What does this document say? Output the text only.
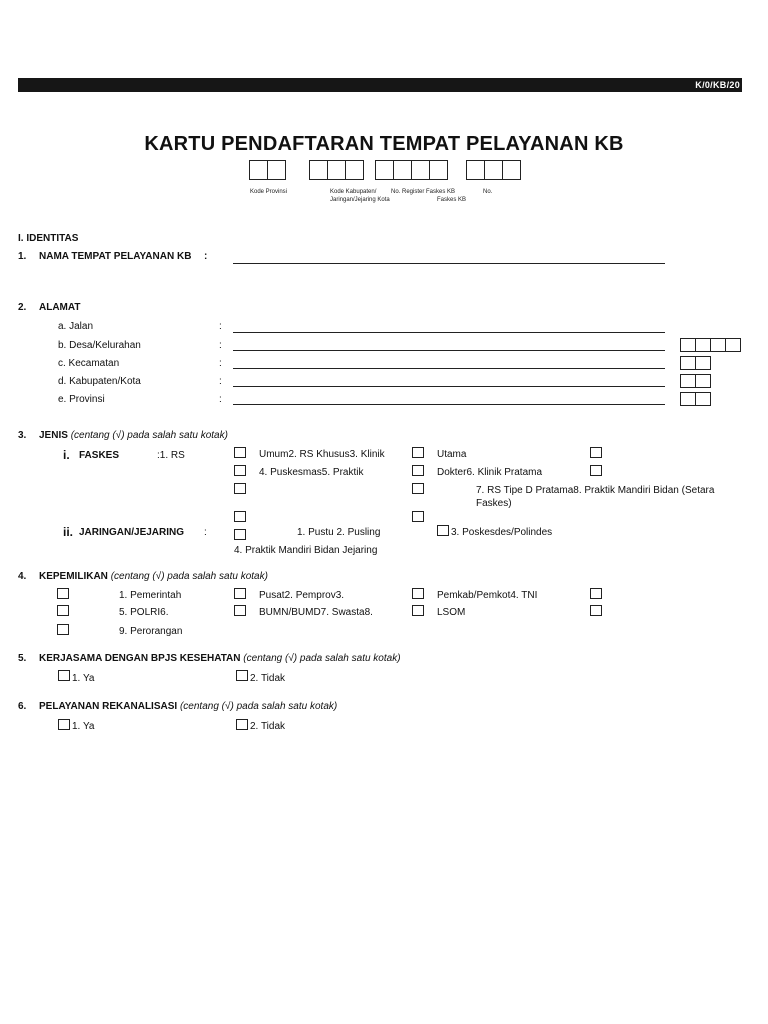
K/0/KB/20
KARTU PENDAFTARAN TEMPAT PELAYANAN KB
Kode Provinsi	Kode Kabupaten/
Jaringan/Jejaring Kota
No. Register Faskes KB
Faskes KB
No.
I. IDENTITAS
1. NAMA TEMPAT PELAYANAN KB :
2. ALAMAT
a. Jalan	:
b. Desa/Kelurahan	:
c. Kecamatan	:
d. Kabupaten/Kota	:
e. Provinsi	:
3. JENIS (centang (√) pada salah satu kotak)
i. FASKES	:1. RS	Umum2. RS Khusus3. Klinik	Utama
4. Puskesmas5. Praktik	Dokter6. Klinik Pratama
7. RS Tipe D Pratama8. Praktik Mandiri Bidan (Setara
Faskes)
ii. JARINGAN/JEJARING :	1. Pustu 2. Pusling	3. Poskesdes/Polindes
4. Praktik Mandiri Bidan Jejaring
4. KEPEMILIKAN (centang (√) pada salah satu kotak)
1. Pemerintah	Pusat2. Pemprov3.	Pemkab/Pemkot4. TNI
5. POLRI6.	BUMN/BUMD7. Swasta8.	LSOM
9. Perorangan
5. KERJASAMA DENGAN BPJS KESEHATAN (centang (√) pada salah satu kotak)
1. Ya	2. Tidak
6. PELAYANAN REKANALISASI (centang (√) pada salah satu kotak)
1. Ya	2. Tidak
